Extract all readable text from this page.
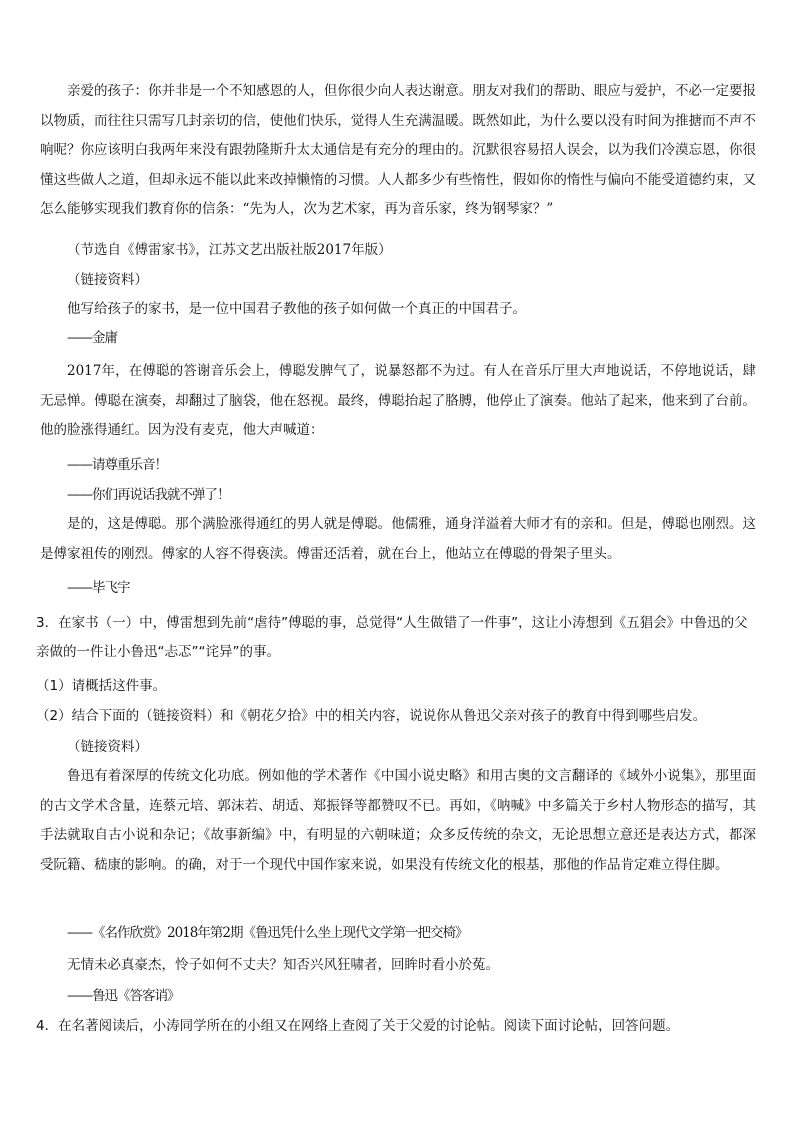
亲爱的孩子：你并非是一个不知感恩的人，但你很少向人表达谢意。朋友对我们的帮助、眼应与爱护，不必一定要报以物质，而往往只需写几封亲切的信，使他们快乐，觉得人生充满温暖。既然如此，为什么要以没有时间为推搪而不声不响呢？你应该明白我两年来没有跟勃隆斯升太太通信是有充分的理由的。沉默很容易招人误会，以为我们冷漠忘恩，你很懂这些做人之道，但却永远不能以此来改掉懒惰的习惯。人人都多少有些惰性，假如你的惰性与偏向不能受道德约束，又怎么能够实现我们教育你的信条：“先为人，次为艺术家，再为音乐家，终为钢琴家？”

（节选自《傅雷家书》，江苏文艺出版社版2017年版）
（链接资料）
他写给孩子的家书，是一位中国君子教他的孩子如何做一个真正的中国君子。
——金庸

2017年，在傅聪的答谢音乐会上，傅聪发脾气了，说暴怒都不为过。有人在音乐厅里大声地说话，不停地说话，肆无忌惮。傅聪在演奏，却翻过了脑袋，他在怒视。最终，傅聪抬起了胳膊，他停止了演奏。他站了起来，他来到了台前。他的脸涨得通红。因为没有麦克，他大声喊道：

——请尊重乐音！
——你们再说话我就不弹了！

是的，这是傅聪。那个满脸涨得通红的男人就是傅聪。他儒雅，通身洋溢着大师才有的亲和。但是，傅聪也刚烈。这是傅家祖传的刚烈。傅家的人容不得亵渎。傅雷还活着，就在台上，他站立在傅聪的骨架子里头。

——毕飞宇

3．在家书（一）中，傅雷想到先前“虐待”傅聪的事，总觉得“人生做错了一件事”，这让小涛想到《五猖会》中鲁迅的父亲做的一件让小鲁迅“忐忑”“诧异”的事。

（1）请概括这件事。
（2）结合下面的（链接资料）和《朝花夕拾》中的相关内容，说说你从鲁迅父亲对孩子的教育中得到哪些启发。
（链接资料）

鲁迅有着深厚的传统文化功底。例如他的学术著作《中国小说史略》和用古奥的文言翻译的《域外小说集》，那里面的古文学术含量，连蔡元培、郭沫若、胡适、郑振铎等都赞叹不已。再如，《呐喊》中多篇关于乡村人物形态的描写，其手法就取自古小说和杂记；《故事新编》中，有明显的六朝味道；众多反传统的杂文，无论思想立意还是表达方式，都深受阮籍、嵇康的影响。的确，对于一个现代中国作家来说，如果没有传统文化的根基，那他的作品肯定难立得住脚。

——《名作欣赏》2018年第2期《鲁迅凭什么坐上现代文学第一把交椅》
无情未必真豪杰，怜子如何不丈夫？知否兴风狂啸者，回眸时看小於菟。
——鲁迅《答客诮》

4．在名著阅读后，小涛同学所在的小组又在网络上查阅了关于父爱的讨论帖。阅读下面讨论帖，回答问题。
